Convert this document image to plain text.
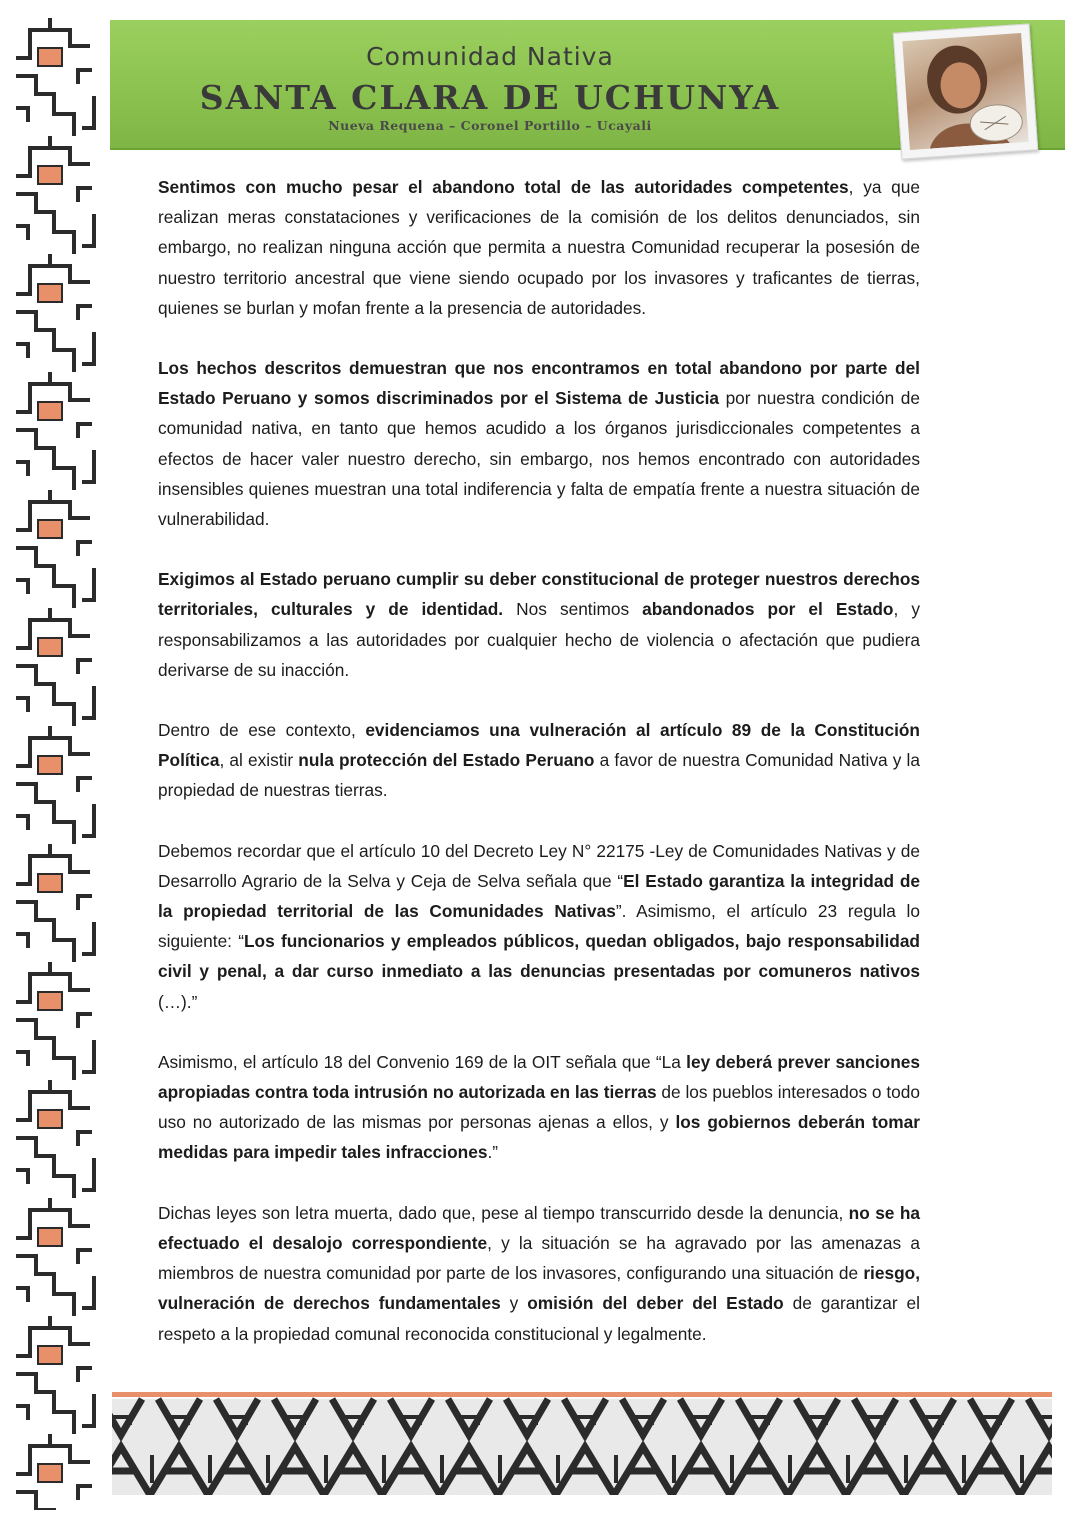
Comunidad Nativa
SANTA CLARA DE UCHUNYA
Nueva Requena – Coronel Portillo – Ucayali

Sentimos con mucho pesar el abandono total de las autoridades competentes, ya que realizan meras constataciones y verificaciones de la comisión de los delitos denunciados, sin embargo, no realizan ninguna acción que permita a nuestra Comunidad recuperar la posesión de nuestro territorio ancestral que viene siendo ocupado por los invasores y traficantes de tierras, quienes se burlan y mofan frente a la presencia de autoridades.

Los hechos descritos demuestran que nos encontramos en total abandono por parte del Estado Peruano y somos discriminados por el Sistema de Justicia por nuestra condición de comunidad nativa, en tanto que hemos acudido a los órganos jurisdiccionales competentes a efectos de hacer valer nuestro derecho, sin embargo, nos hemos encontrado con autoridades insensibles quienes muestran una total indiferencia y falta de empatía frente a nuestra situación de vulnerabilidad.

Exigimos al Estado peruano cumplir su deber constitucional de proteger nuestros derechos territoriales, culturales y de identidad. Nos sentimos abandonados por el Estado, y responsabilizamos a las autoridades por cualquier hecho de violencia o afectación que pudiera derivarse de su inacción.

Dentro de ese contexto, evidenciamos una vulneración al artículo 89 de la Constitución Política, al existir nula protección del Estado Peruano a favor de nuestra Comunidad Nativa y la propiedad de nuestras tierras.

Debemos recordar que el artículo 10 del Decreto Ley N° 22175 -Ley de Comunidades Nativas y de Desarrollo Agrario de la Selva y Ceja de Selva señala que “El Estado garantiza la integridad de la propiedad territorial de las Comunidades Nativas”. Asimismo, el artículo 23 regula lo siguiente: “Los funcionarios y empleados públicos, quedan obligados, bajo responsabilidad civil y penal, a dar curso inmediato a las denuncias presentadas por comuneros nativos (…).”

Asimismo, el artículo 18 del Convenio 169 de la OIT señala que “La ley deberá prever sanciones apropiadas contra toda intrusión no autorizada en las tierras de los pueblos interesados o todo uso no autorizado de las mismas por personas ajenas a ellos, y los gobiernos deberán tomar medidas para impedir tales infracciones.”

Dichas leyes son letra muerta, dado que, pese al tiempo transcurrido desde la denuncia, no se ha efectuado el desalojo correspondiente, y la situación se ha agravado por las amenazas a miembros de nuestra comunidad por parte de los invasores, configurando una situación de riesgo, vulneración de derechos fundamentales y omisión del deber del Estado de garantizar el respeto a la propiedad comunal reconocida constitucional y legalmente.
